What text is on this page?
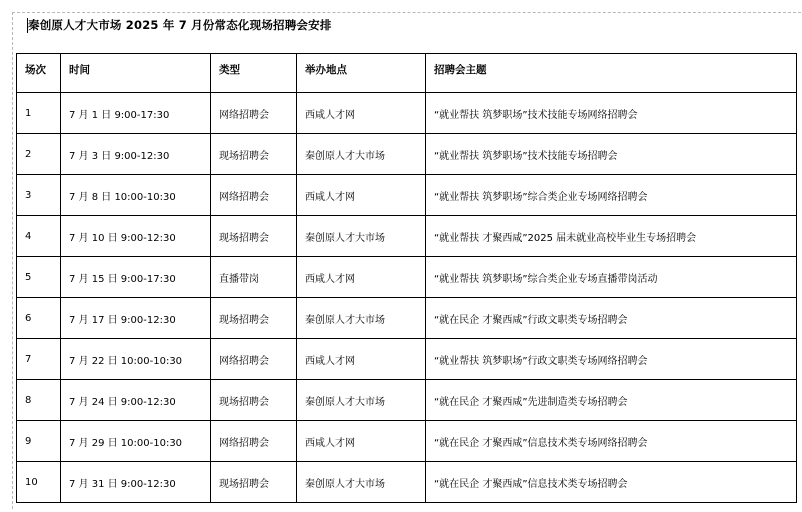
秦创原人才大市场 2025 年 7 月份常态化现场招聘会安排
场次	时间	类型	举办地点	招聘会主题
1	7 月 1 日 9:00-17:30	网络招聘会	西咸人才网	“就业帮扶 筑梦职场”技术技能专场网络招聘会
2	7 月 3 日 9:00-12:30	现场招聘会	秦创原人才大市场	“就业帮扶 筑梦职场”技术技能专场招聘会
3	7 月 8 日 10:00-10:30	网络招聘会	西咸人才网	“就业帮扶 筑梦职场”综合类企业专场网络招聘会
4	7 月 10 日 9:00-12:30	现场招聘会	秦创原人才大市场	“就业帮扶 才聚西咸”2025 届未就业高校毕业生专场招聘会
5	7 月 15 日 9:00-17:30	直播带岗	西咸人才网	“就业帮扶 筑梦职场”综合类企业专场直播带岗活动
6	7 月 17 日 9:00-12:30	现场招聘会	秦创原人才大市场	“就在民企 才聚西咸”行政文职类专场招聘会
7	7 月 22 日 10:00-10:30	网络招聘会	西咸人才网	“就业帮扶 筑梦职场”行政文职类专场网络招聘会
8	7 月 24 日 9:00-12:30	现场招聘会	秦创原人才大市场	“就在民企 才聚西咸”先进制造类专场招聘会
9	7 月 29 日 10:00-10:30	网络招聘会	西咸人才网	“就在民企 才聚西咸”信息技术类专场网络招聘会
10	7 月 31 日 9:00-12:30	现场招聘会	秦创原人才大市场	“就在民企 才聚西咸”信息技术类专场招聘会
